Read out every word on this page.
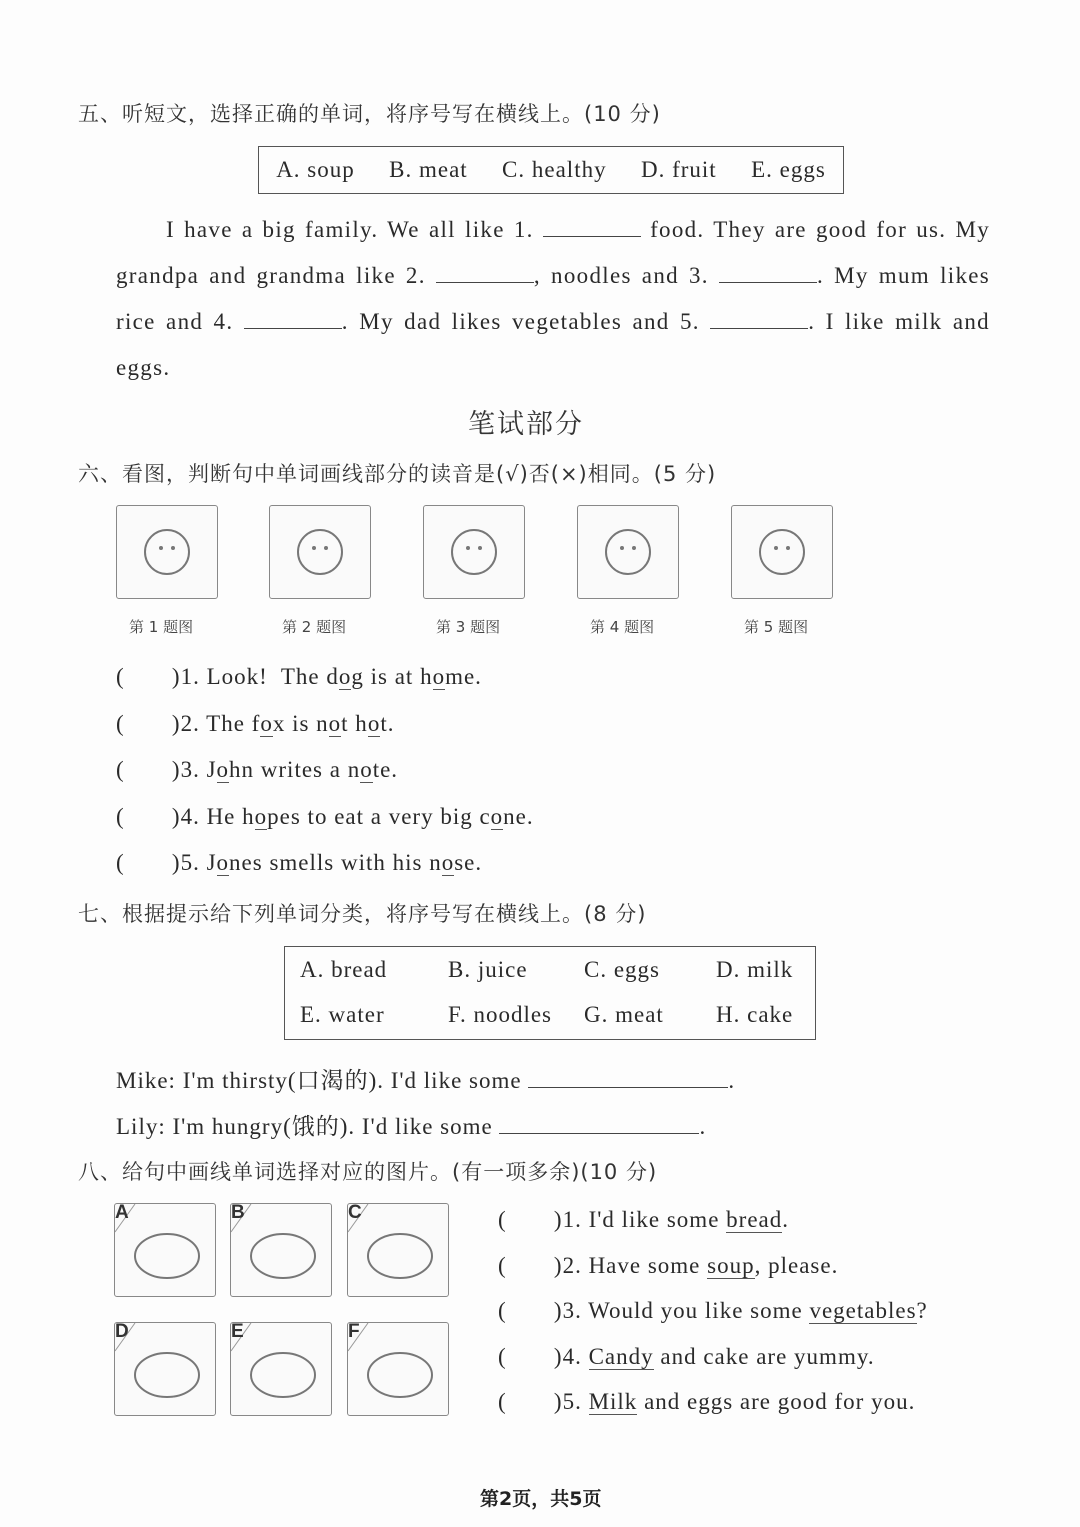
五、听短文，选择正确的单词，将序号写在横线上。(10 分)
A. soup B. meat C. healthy D. fruit E. eggs
I have a big family. We all like 1.	food. They are good for us. My grandpa and grandma like 2.	, noodles and 3.	. My mum likes rice and 4.	. My dad likes vegetables and 5.	. I like milk and eggs.
笔试部分
六、看图，判断句中单词画线部分的读音是(√)否(×)相同。(5 分)
七、根据提示给下列单词分类，将序号写在横线上。(8 分)
A. bread	B. juice C. eggs D. milk
E. water	F. noodles G. meat H. cake
Mike: I'm thirsty(口渴的). I'd like some	.
Lily: I'm hungry(饿的). I'd like some	.
八、给句中画线单词选择对应的图片。(有一项多余)(10 分)
第2页，共5页
第 1 题图	第 2 题图	第 3 题图	第 4 题图	第 5 题图
(       )1. Look!  The dog is at home.
(       )2. The fox is not hot.
(       )3. John writes a note.
(       )4. He hopes to eat a very big cone.
(       )5. Jones smells with his nose.
A	B	C
D	E	F
(       )1. I'd like some bread.
(       )2. Have some soup, please.
(       )3. Would you like some vegetables?
(       )4. Candy and cake are yummy.
(       )5. Milk and eggs are good for you.
